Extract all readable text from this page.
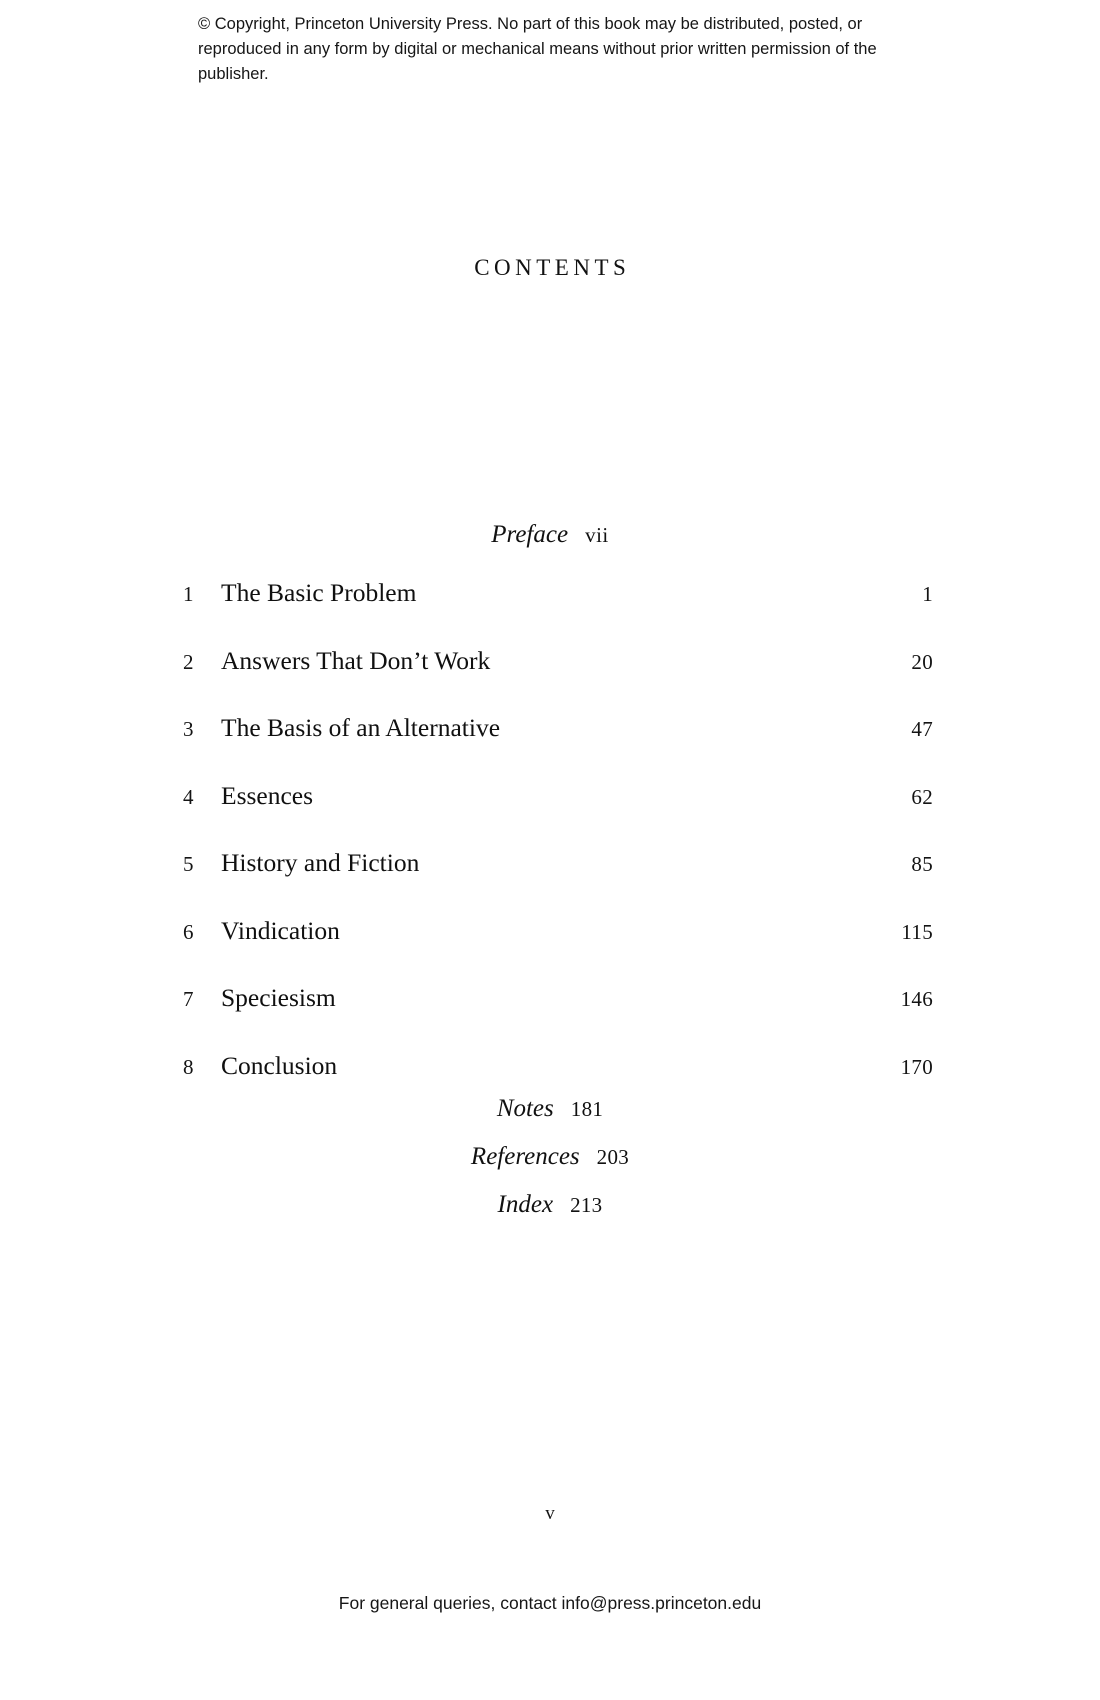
© Copyright, Princeton University Press. No part of this book may be distributed, posted, or reproduced in any form by digital or mechanical means without prior written permission of the publisher.
CONTENTS
Preface vii
1	The Basic Problem	1
2	Answers That Don’t Work	20
3	The Basis of an Alternative	47
4	Essences	62
5	History and Fiction	85
6	Vindication	115
7	Speciesism	146
8	Conclusion	170
Notes 181
References 203
Index 213
v
For general queries, contact info@press.princeton.edu
